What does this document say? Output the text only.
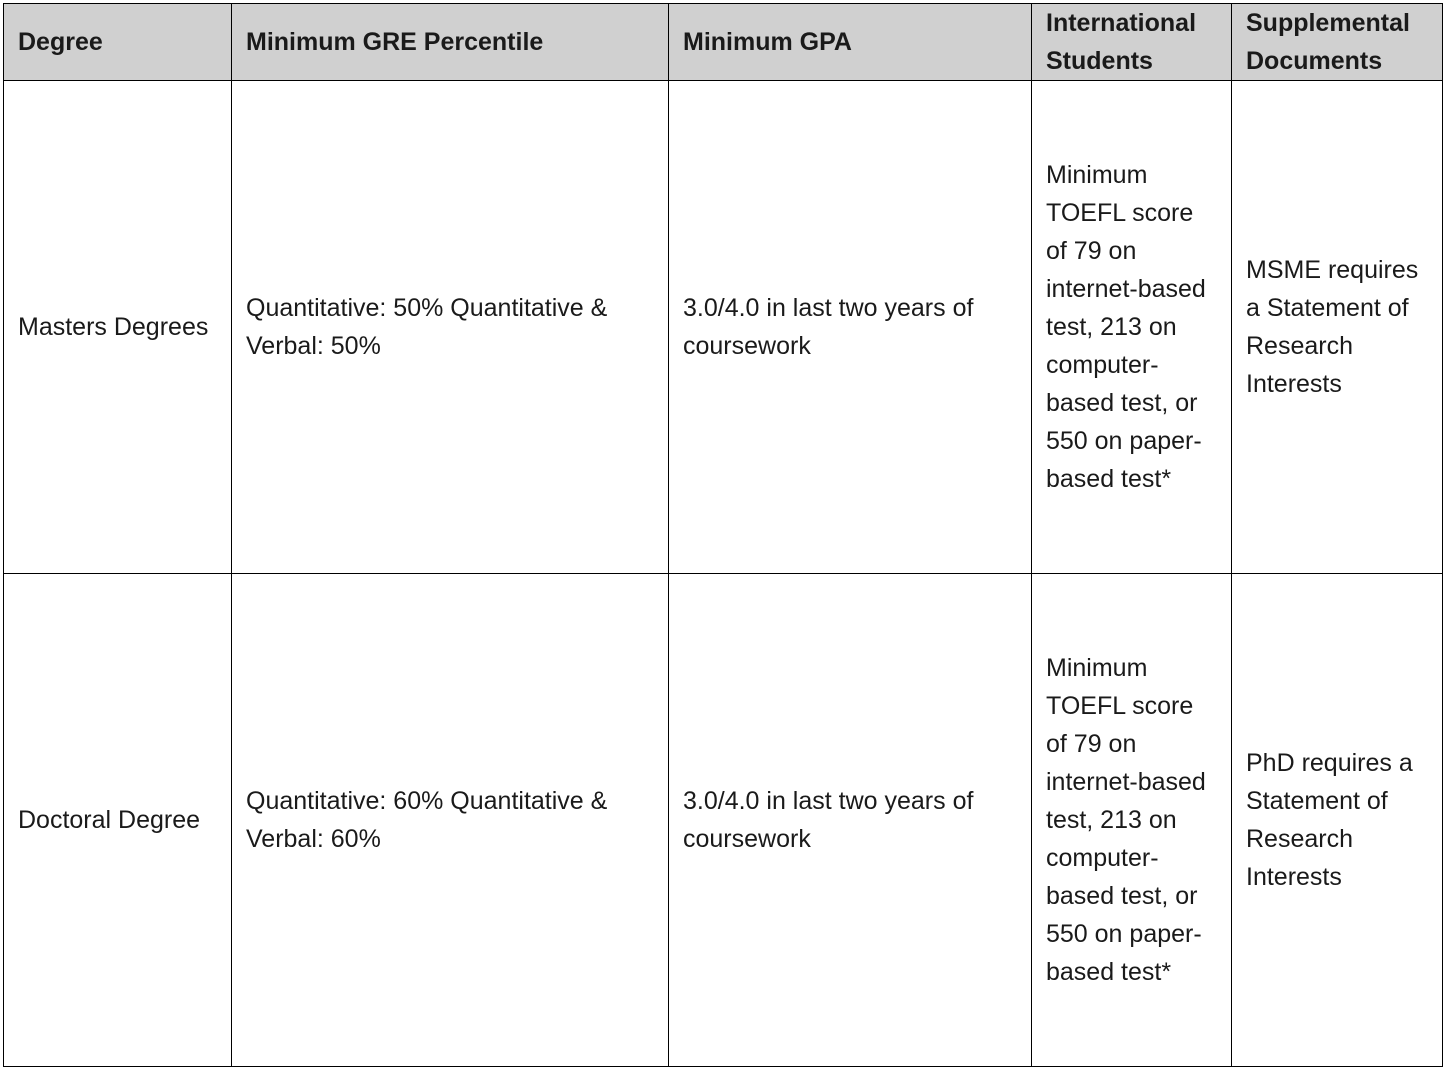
Degree	Minimum GRE Percentile	Minimum GPA	International Students	Supplemental Documents
Masters Degrees	Quantitative: 50% Quantitative & Verbal: 50%	3.0/4.0 in last two years of coursework	Minimum TOEFL score of 79 on internet-based test, 213 on computer-based test, or 550 on paper-based test*	MSME requires a Statement of Research Interests
Doctoral Degree	Quantitative: 60% Quantitative & Verbal: 60%	3.0/4.0 in last two years of coursework	Minimum TOEFL score of 79 on internet-based test, 213 on computer-based test, or 550 on paper-based test*	PhD requires a Statement of Research Interests
